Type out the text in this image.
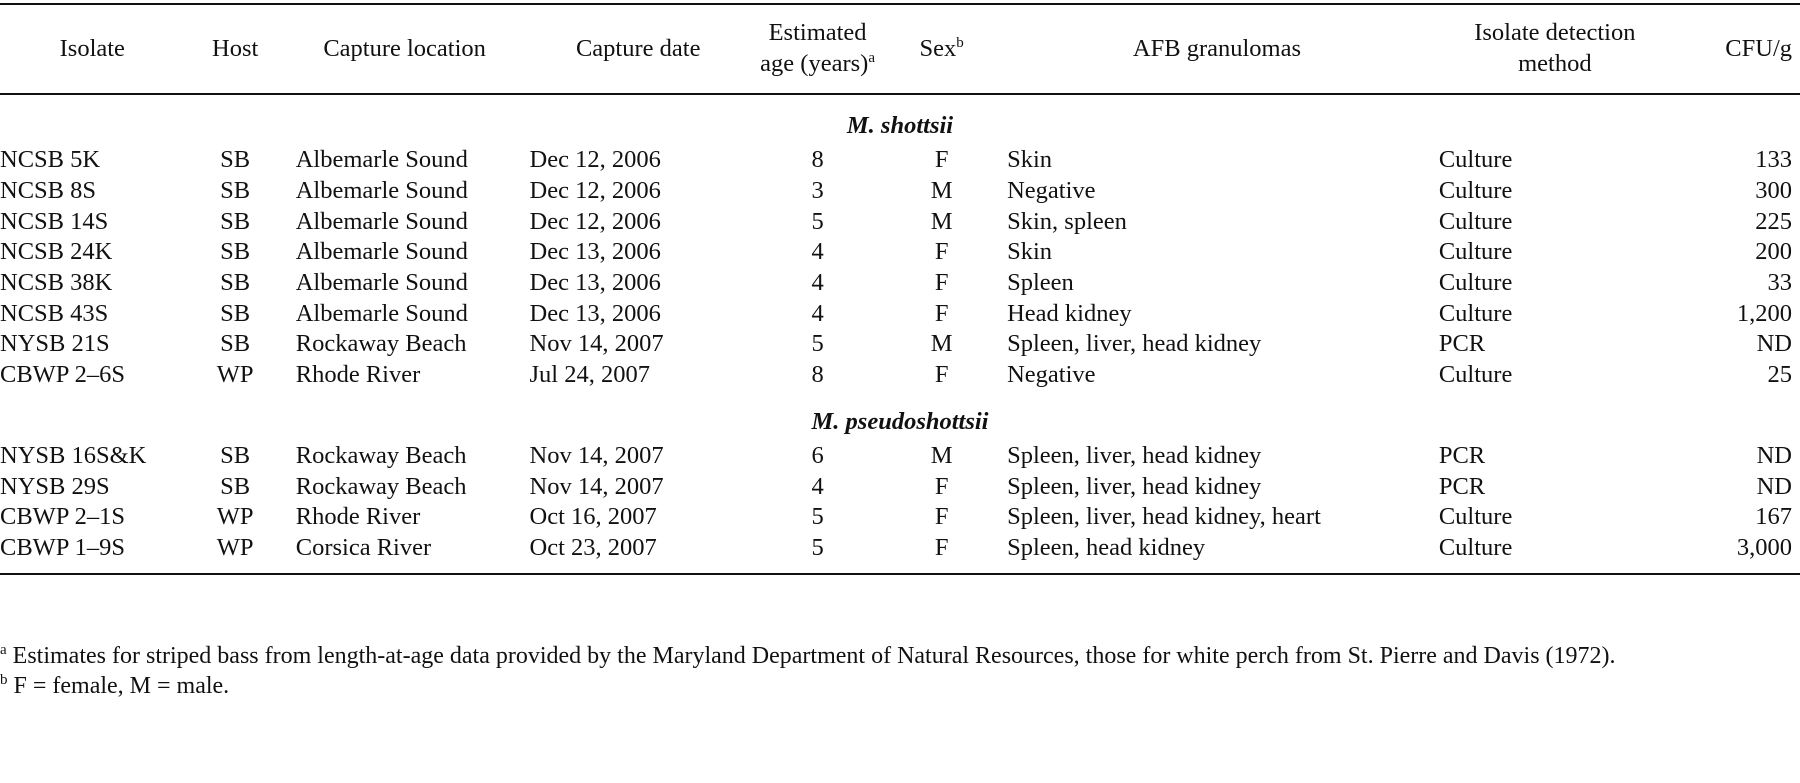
Isolate	Host	Capture location	Capture date	Estimated
age (years)$^a$	Sex$^b$	AFB granulomas	Isolate detection
method	CFU/g
M. shottsii								
NCSB 5K	SB	Albemarle Sound	Dec 12, 2006	8	F	Skin	Culture	133
NCSB 8S	SB	Albemarle Sound	Dec 12, 2006	3	M	Negative	Culture	300
NCSB 14S	SB	Albemarle Sound	Dec 12, 2006	5	M	Skin, spleen	Culture	225
NCSB 24K	SB	Albemarle Sound	Dec 13, 2006	4	F	Skin	Culture	200
NCSB 38K	SB	Albemarle Sound	Dec 13, 2006	4	F	Spleen	Culture	33
NCSB 43S	SB	Albemarle Sound	Dec 13, 2006	4	F	Head kidney	Culture	1,200
NYSB 21S	SB	Rockaway Beach	Nov 14, 2007	5	M	Spleen, liver, head kidney	PCR	ND
CBWP 2–6S	WP	Rhode River	Jul 24, 2007	8	F	Negative	Culture	25
M. pseudoshottsii								
NYSB 16S&K	SB	Rockaway Beach	Nov 14, 2007	6	M	Spleen, liver, head kidney	PCR	ND
NYSB 29S	SB	Rockaway Beach	Nov 14, 2007	4	F	Spleen, liver, head kidney	PCR	ND
CBWP 2–1S	WP	Rhode River	Oct 16, 2007	5	F	Spleen, liver, head kidney, heart	Culture	167
CBWP 1–9S	WP	Corsica River	Oct 23, 2007	5	F	Spleen, head kidney	Culture	3,000
$^a$ Estimates for striped bass from length-at-age data provided by the Maryland Department of Natural Resources, those for white perch from St. Pierre and Davis (1972).
$^b$ F = female, M = male.
